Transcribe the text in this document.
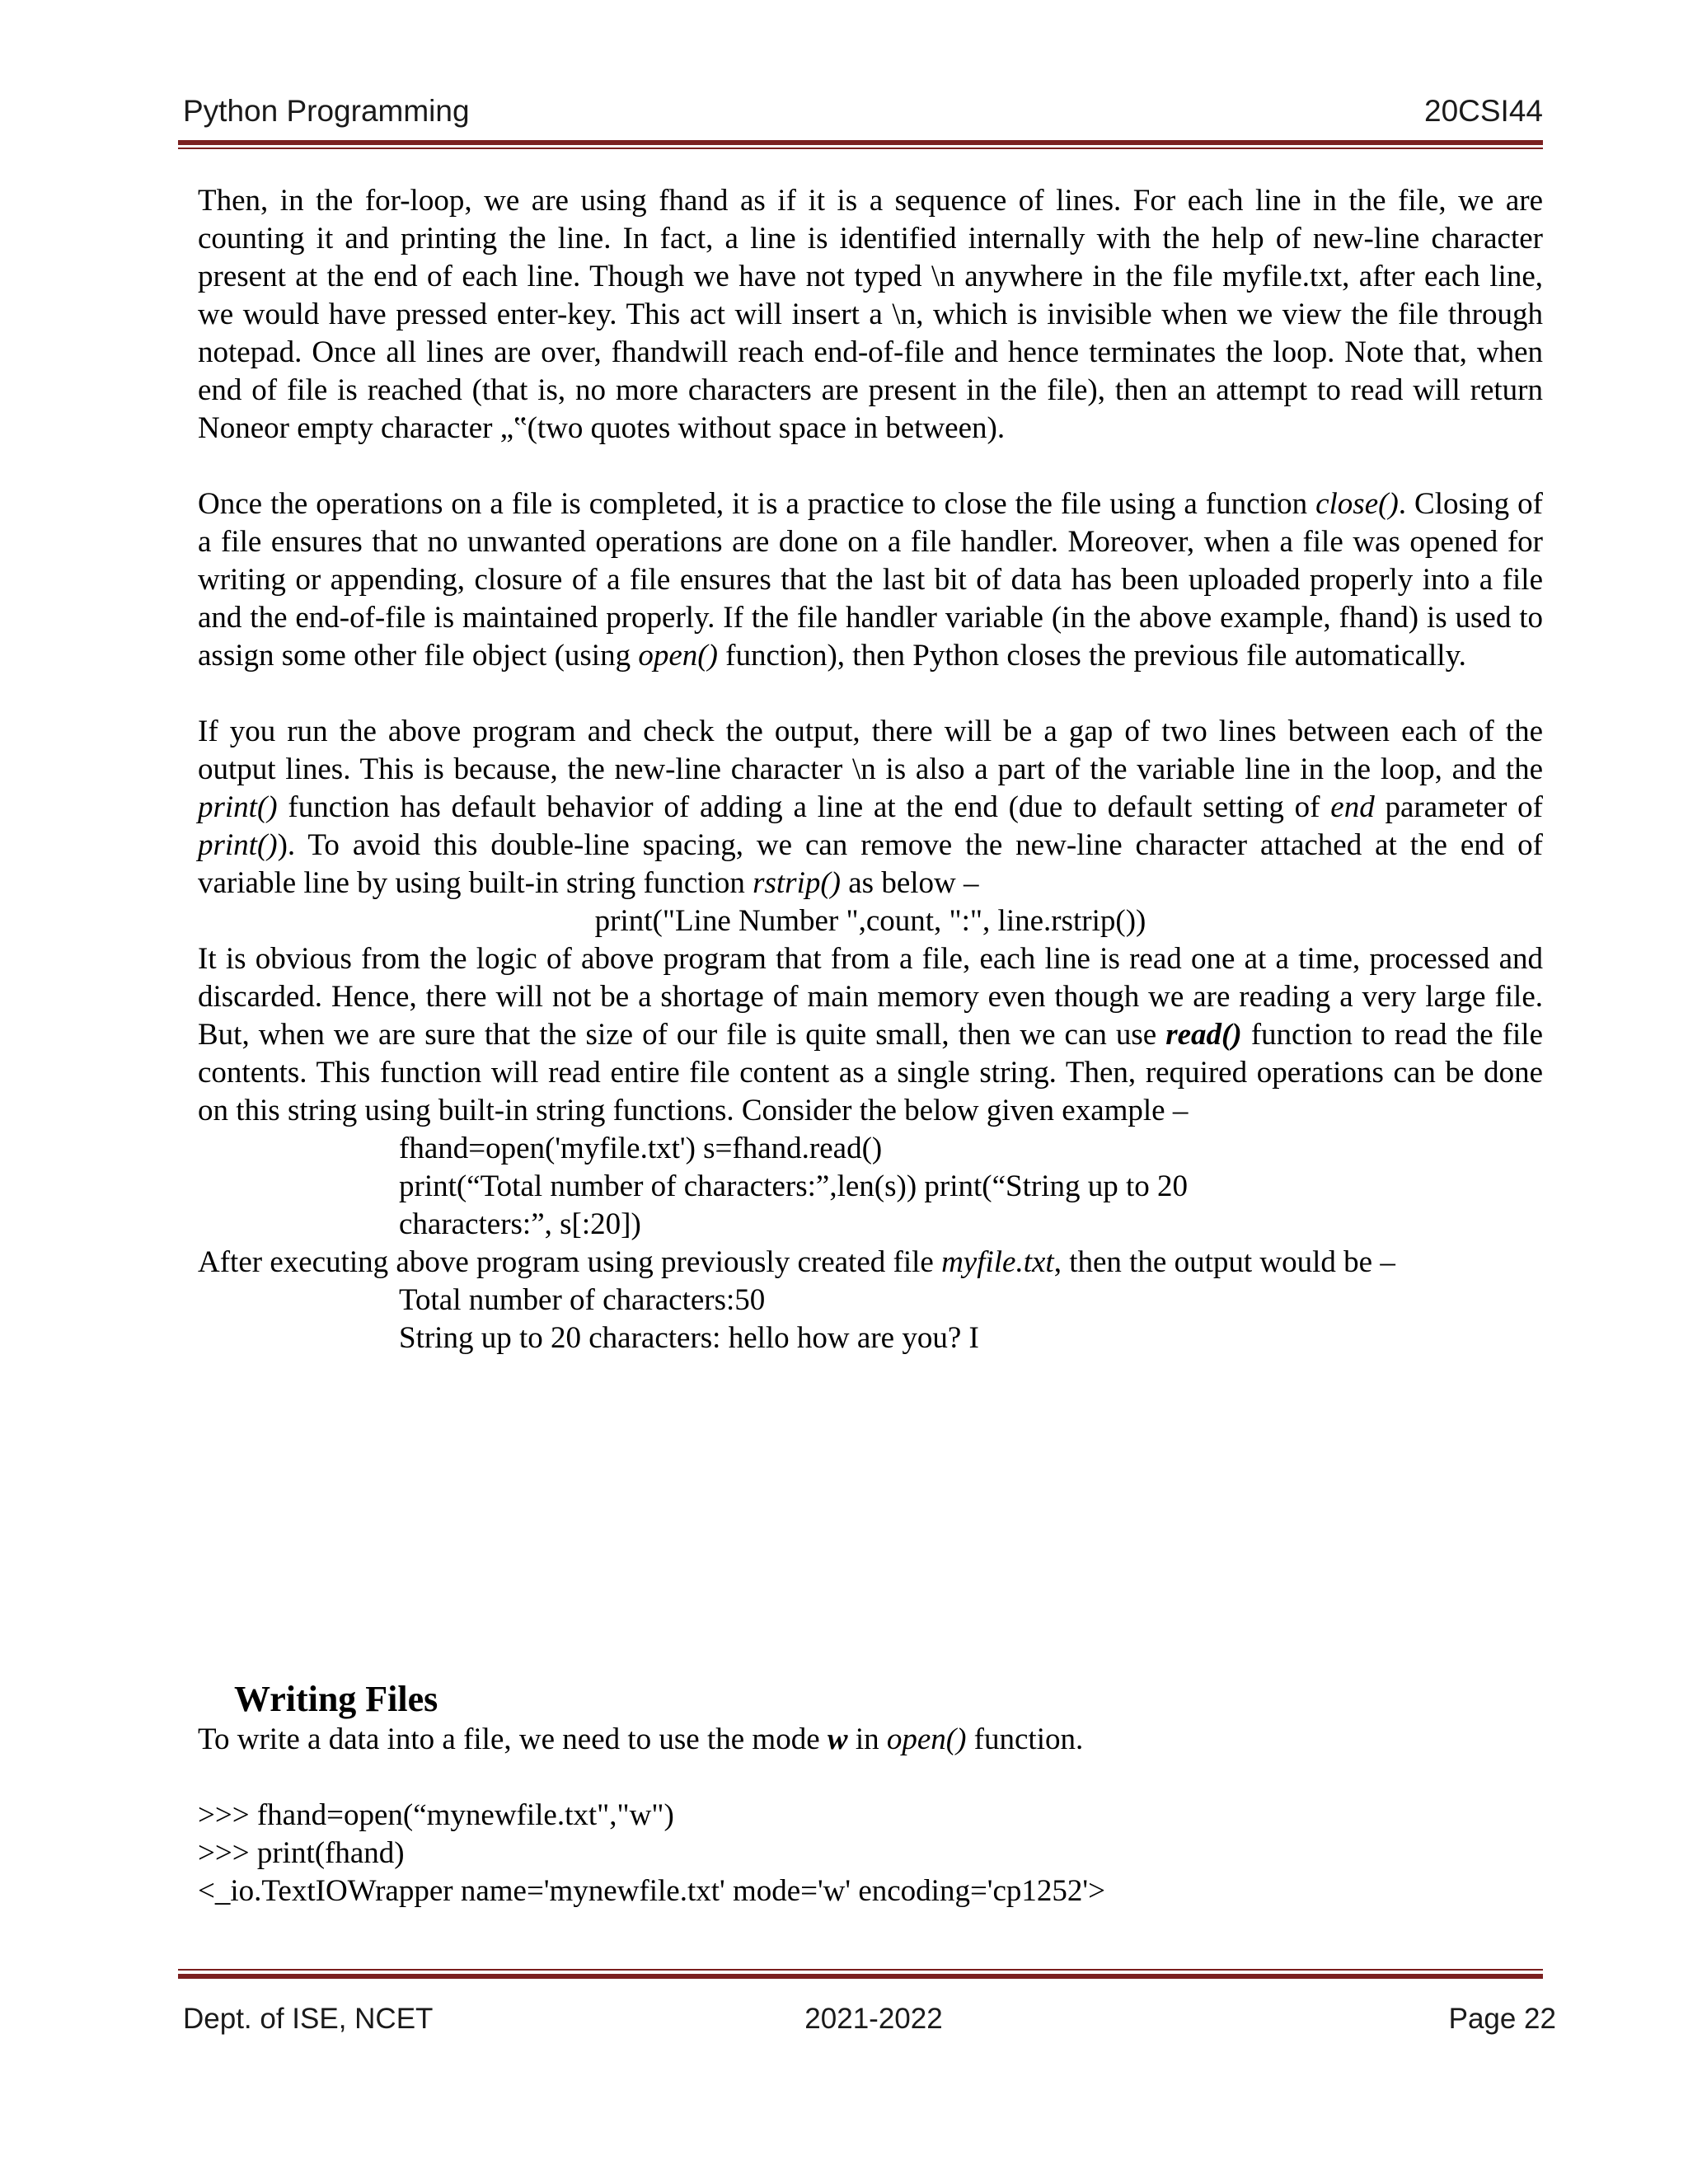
Python Programming	20CSI44

Then, in the for-loop, we are using fhand as if it is a sequence of lines. For each line in the file, we are counting it and printing the line. In fact, a line is identified internally with the help of new-line character present at the end of each line. Though we have not typed \n anywhere in the file myfile.txt, after each line, we would have pressed enter-key. This act will insert a \n, which is invisible when we view the file through notepad. Once all lines are over, fhandwill reach end-of-file and hence terminates the loop. Note that, when end of file is reached (that is, no more characters are present in the file), then an attempt to read will return Noneor empty character „‟(two quotes without space in between).

Once the operations on a file is completed, it is a practice to close the file using a function close(). Closing of a file ensures that no unwanted operations are done on a file handler. Moreover, when a file was opened for writing or appending, closure of a file ensures that the last bit of data has been uploaded properly into a file and the end-of-file is maintained properly. If the file handler variable (in the above example, fhand) is used to assign some other file object (using open() function), then Python closes the previous file automatically.

If you run the above program and check the output, there will be a gap of two lines between each of the output lines. This is because, the new-line character \n is also a part of the variable line in the loop, and the print() function has default behavior of adding a line at the end (due to default setting of end parameter of print()). To avoid this double-line spacing, we can remove the new-line character attached at the end of variable line by using built-in string function rstrip() as below –

print("Line Number ",count, ":", line.rstrip())

It is obvious from the logic of above program that from a file, each line is read one at a time, processed and discarded. Hence, there will not be a shortage of main memory even though we are reading a very large file. But, when we are sure that the size of our file is quite small, then we can use read() function to read the file contents. This function will read entire file content as a single string. Then, required operations can be done on this string using built-in string functions. Consider the below given example –

fhand=open('myfile.txt') s=fhand.read()

print(“Total number of characters:”,len(s)) print(“String up to 20

characters:”, s[:20])

After executing above program using previously created file myfile.txt, then the output would be –

Total number of characters:50

String up to 20 characters: hello how are you? I

Writing Files

To write a data into a file, we need to use the mode w in open() function.

>>> fhand=open(“mynewfile.txt","w")

>>> print(fhand)

<_io.TextIOWrapper name='mynewfile.txt' mode='w' encoding='cp1252'>

Dept. of ISE, NCET	2021-2022	Page 22
